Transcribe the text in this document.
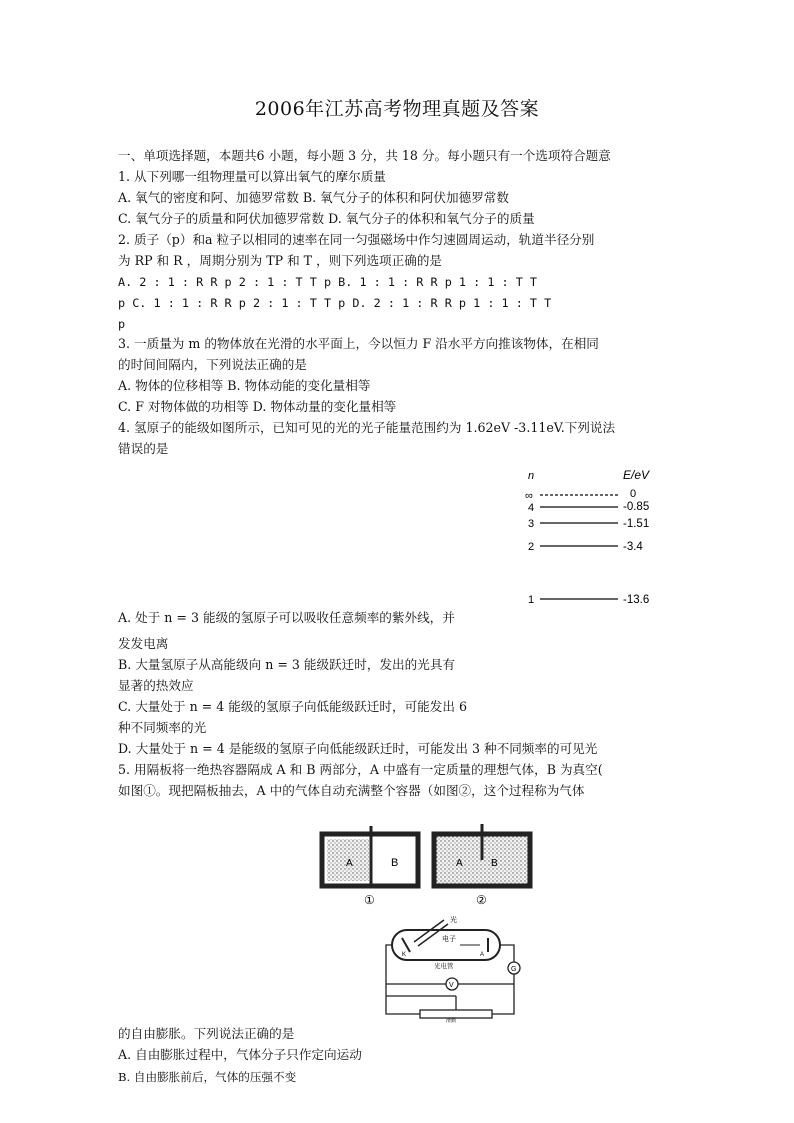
2006年江苏高考物理真题及答案
一、单项选择题，本题共6 小题，每小题 3 分，共 18 分。每小题只有一个选项符合题意
1. 从下列哪一组物理量可以算出氧气的摩尔质量
A. 氧气的密度和阿、加德罗常数 B. 氧气分子的体积和阿伏加德罗常数
C. 氧气分子的质量和阿伏加德罗常数 D. 氧气分子的体积和氧气分子的质量
2. 质子（p）和a 粒子以相同的速率在同一匀强磁场中作匀速圆周运动，轨道半径分别
为 RP 和 R ，周期分别为 TP 和 T ，则下列选项正确的是
A. 2 : 1 : R R p 2 : 1 : T T p B. 1 : 1 : R R p 1 : 1 : T T
p C. 1 : 1 : R R p 2 : 1 : T T p D. 2 : 1 : R R p 1 : 1 : T T
p
3. 一质量为 m 的物体放在光滑的水平面上，今以恒力 F 沿水平方向推该物体，在相同
的时间间隔内，下列说法正确的是
A. 物体的位移相等 B. 物体动能的变化量相等
C. F 对物体做的功相等 D. 物体动量的变化量相等
4. 氢原子的能级如图所示，已知可见的光的光子能量范围约为 1.62eV -3.11eV.下列说法
错误的是
n	E/eV
∞	0
4	-0.85
3	-1.51
2	-3.4
1	-13.6
A. 处于 n = 3 能级的氢原子可以吸收任意频率的紫外线，并
发发电离
B. 大量氢原子从高能级向 n = 3 能级跃迁时，发出的光具有
显著的热效应
C. 大量处于 n = 4 能级的氢原子向低能级跃迁时，可能发出 6
种不同频率的光
D. 大量处于 n = 4 是能级的氢原子向低能级跃迁时，可能发出 3 种不同频率的可见光
5. 用隔板将一绝热容器隔成 A 和 B 两部分，A 中盛有一定质量的理想气体，B 为真空(
如图①。现把隔板抽去，A 中的气体自动充满整个容器（如图②，这个过程称为气体
A	B
①
A	B
②
光
电子
K	A
光电管	G
V
滑動
的自由膨胀。下列说法正确的是
A. 自由膨胀过程中，气体分子只作定向运动
B. 自由膨胀前后，气体的压强不变
